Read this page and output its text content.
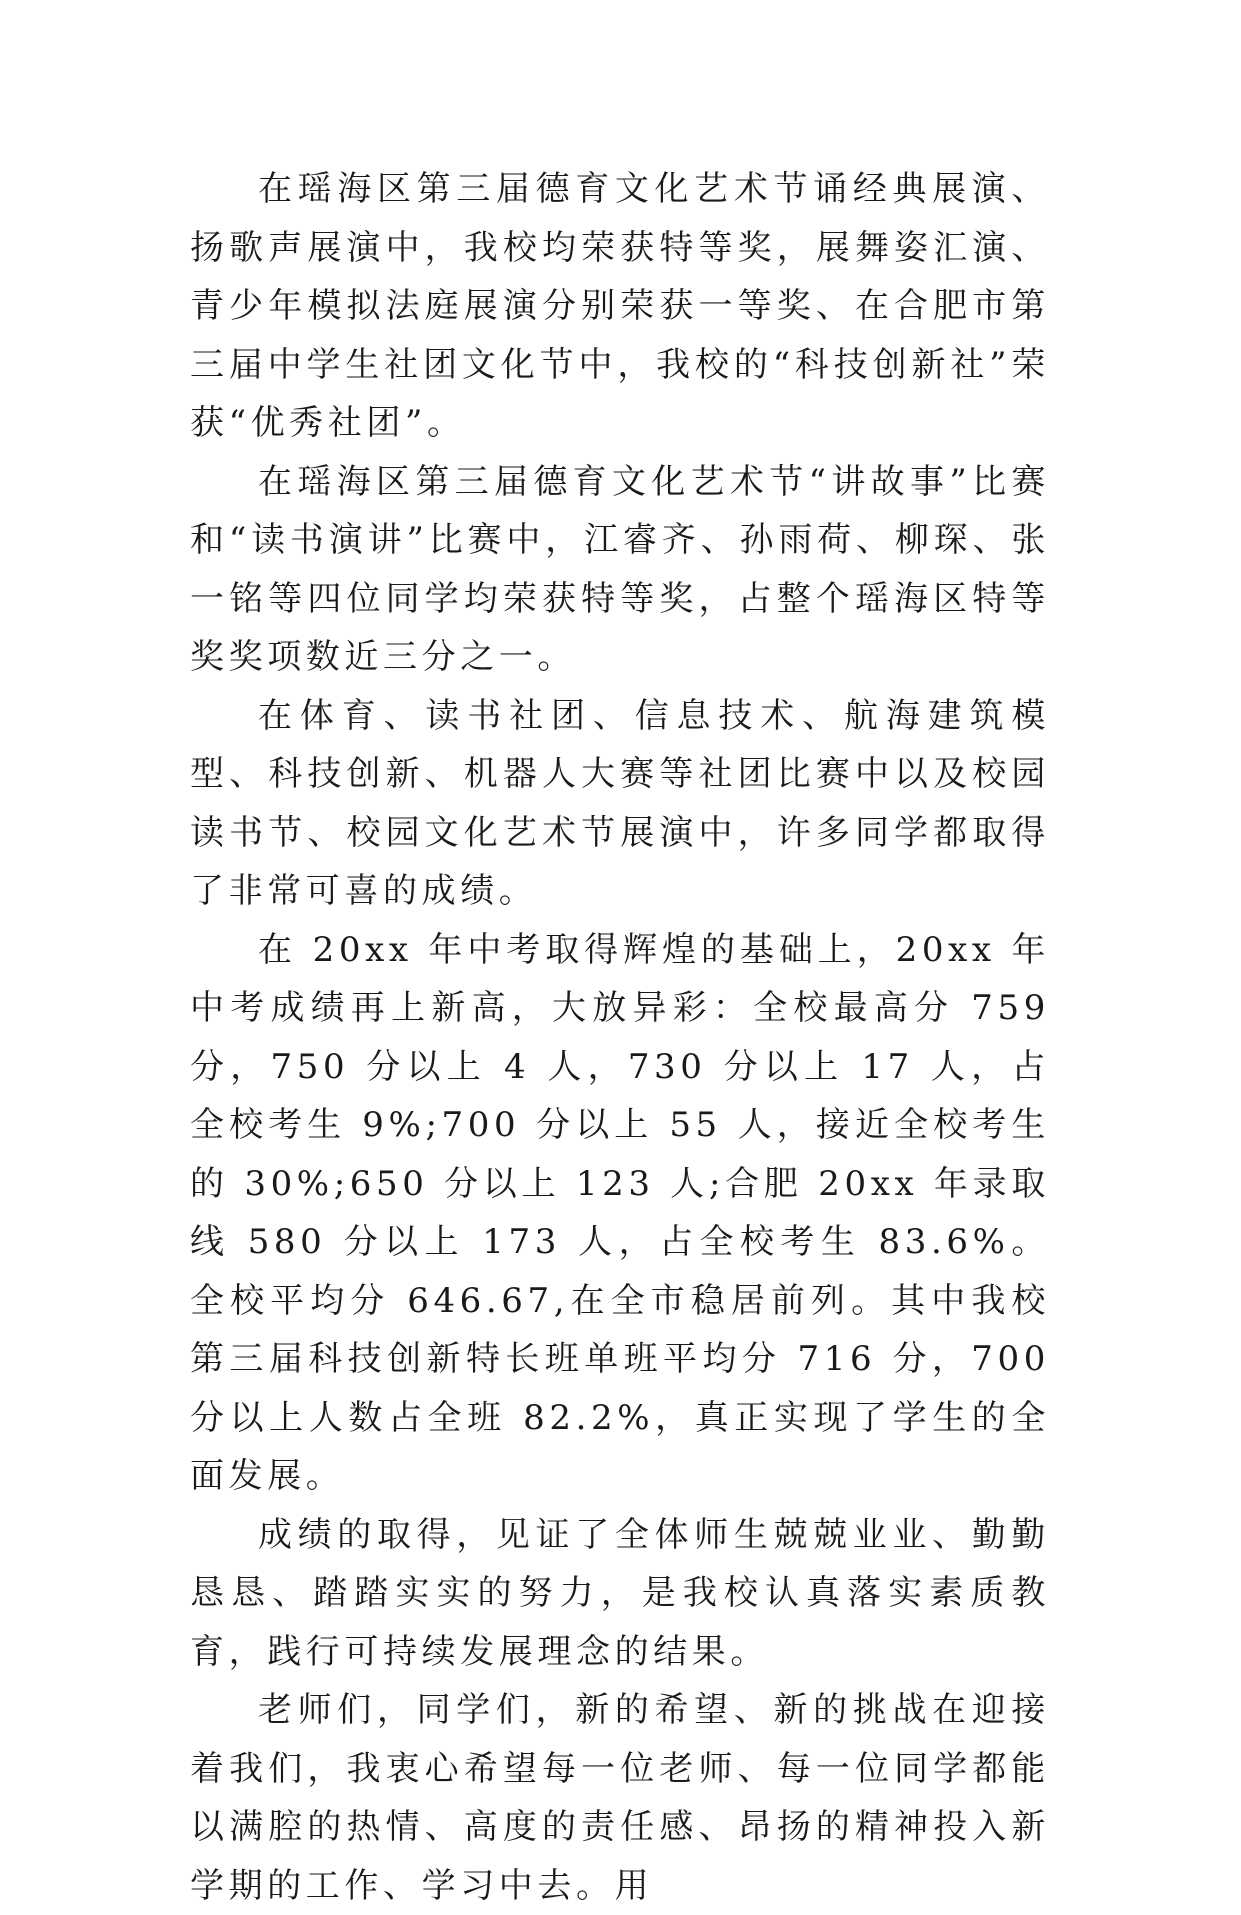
在瑶海区第三届德育文化艺术节诵经典展演、扬歌声展演中，我校均荣获特等奖，展舞姿汇演、青少年模拟法庭展演分别荣获一等奖、在合肥市第三届中学生社团文化节中，我校的“科技创新社”荣获“优秀社团”。

在瑶海区第三届德育文化艺术节“讲故事”比赛和“读书演讲”比赛中，江睿齐、孙雨荷、柳琛、张一铭等四位同学均荣获特等奖，占整个瑶海区特等奖奖项数近三分之一。

在体育、读书社团、信息技术、航海建筑模型、科技创新、机器人大赛等社团比赛中以及校园读书节、校园文化艺术节展演中，许多同学都取得了非常可喜的成绩。

在 20xx 年中考取得辉煌的基础上，20xx 年中考成绩再上新高，大放异彩：全校最高分 759 分，750 分以上 4 人，730 分以上 17 人，占全校考生 9%;700 分以上 55 人，接近全校考生的 30%;650 分以上 123 人;合肥 20xx 年录取线 580 分以上 173 人，占全校考生 83.6%。全校平均分 646.67,在全市稳居前列。其中我校第三届科技创新特长班单班平均分 716 分，700 分以上人数占全班 82.2%，真正实现了学生的全面发展。

成绩的取得，见证了全体师生兢兢业业、勤勤恳恳、踏踏实实的努力，是我校认真落实素质教育，践行可持续发展理念的结果。

老师们，同学们，新的希望、新的挑战在迎接着我们，我衷心希望每一位老师、每一位同学都能以满腔的热情、高度的责任感、昂扬的精神投入新学期的工作、学习中去。用
